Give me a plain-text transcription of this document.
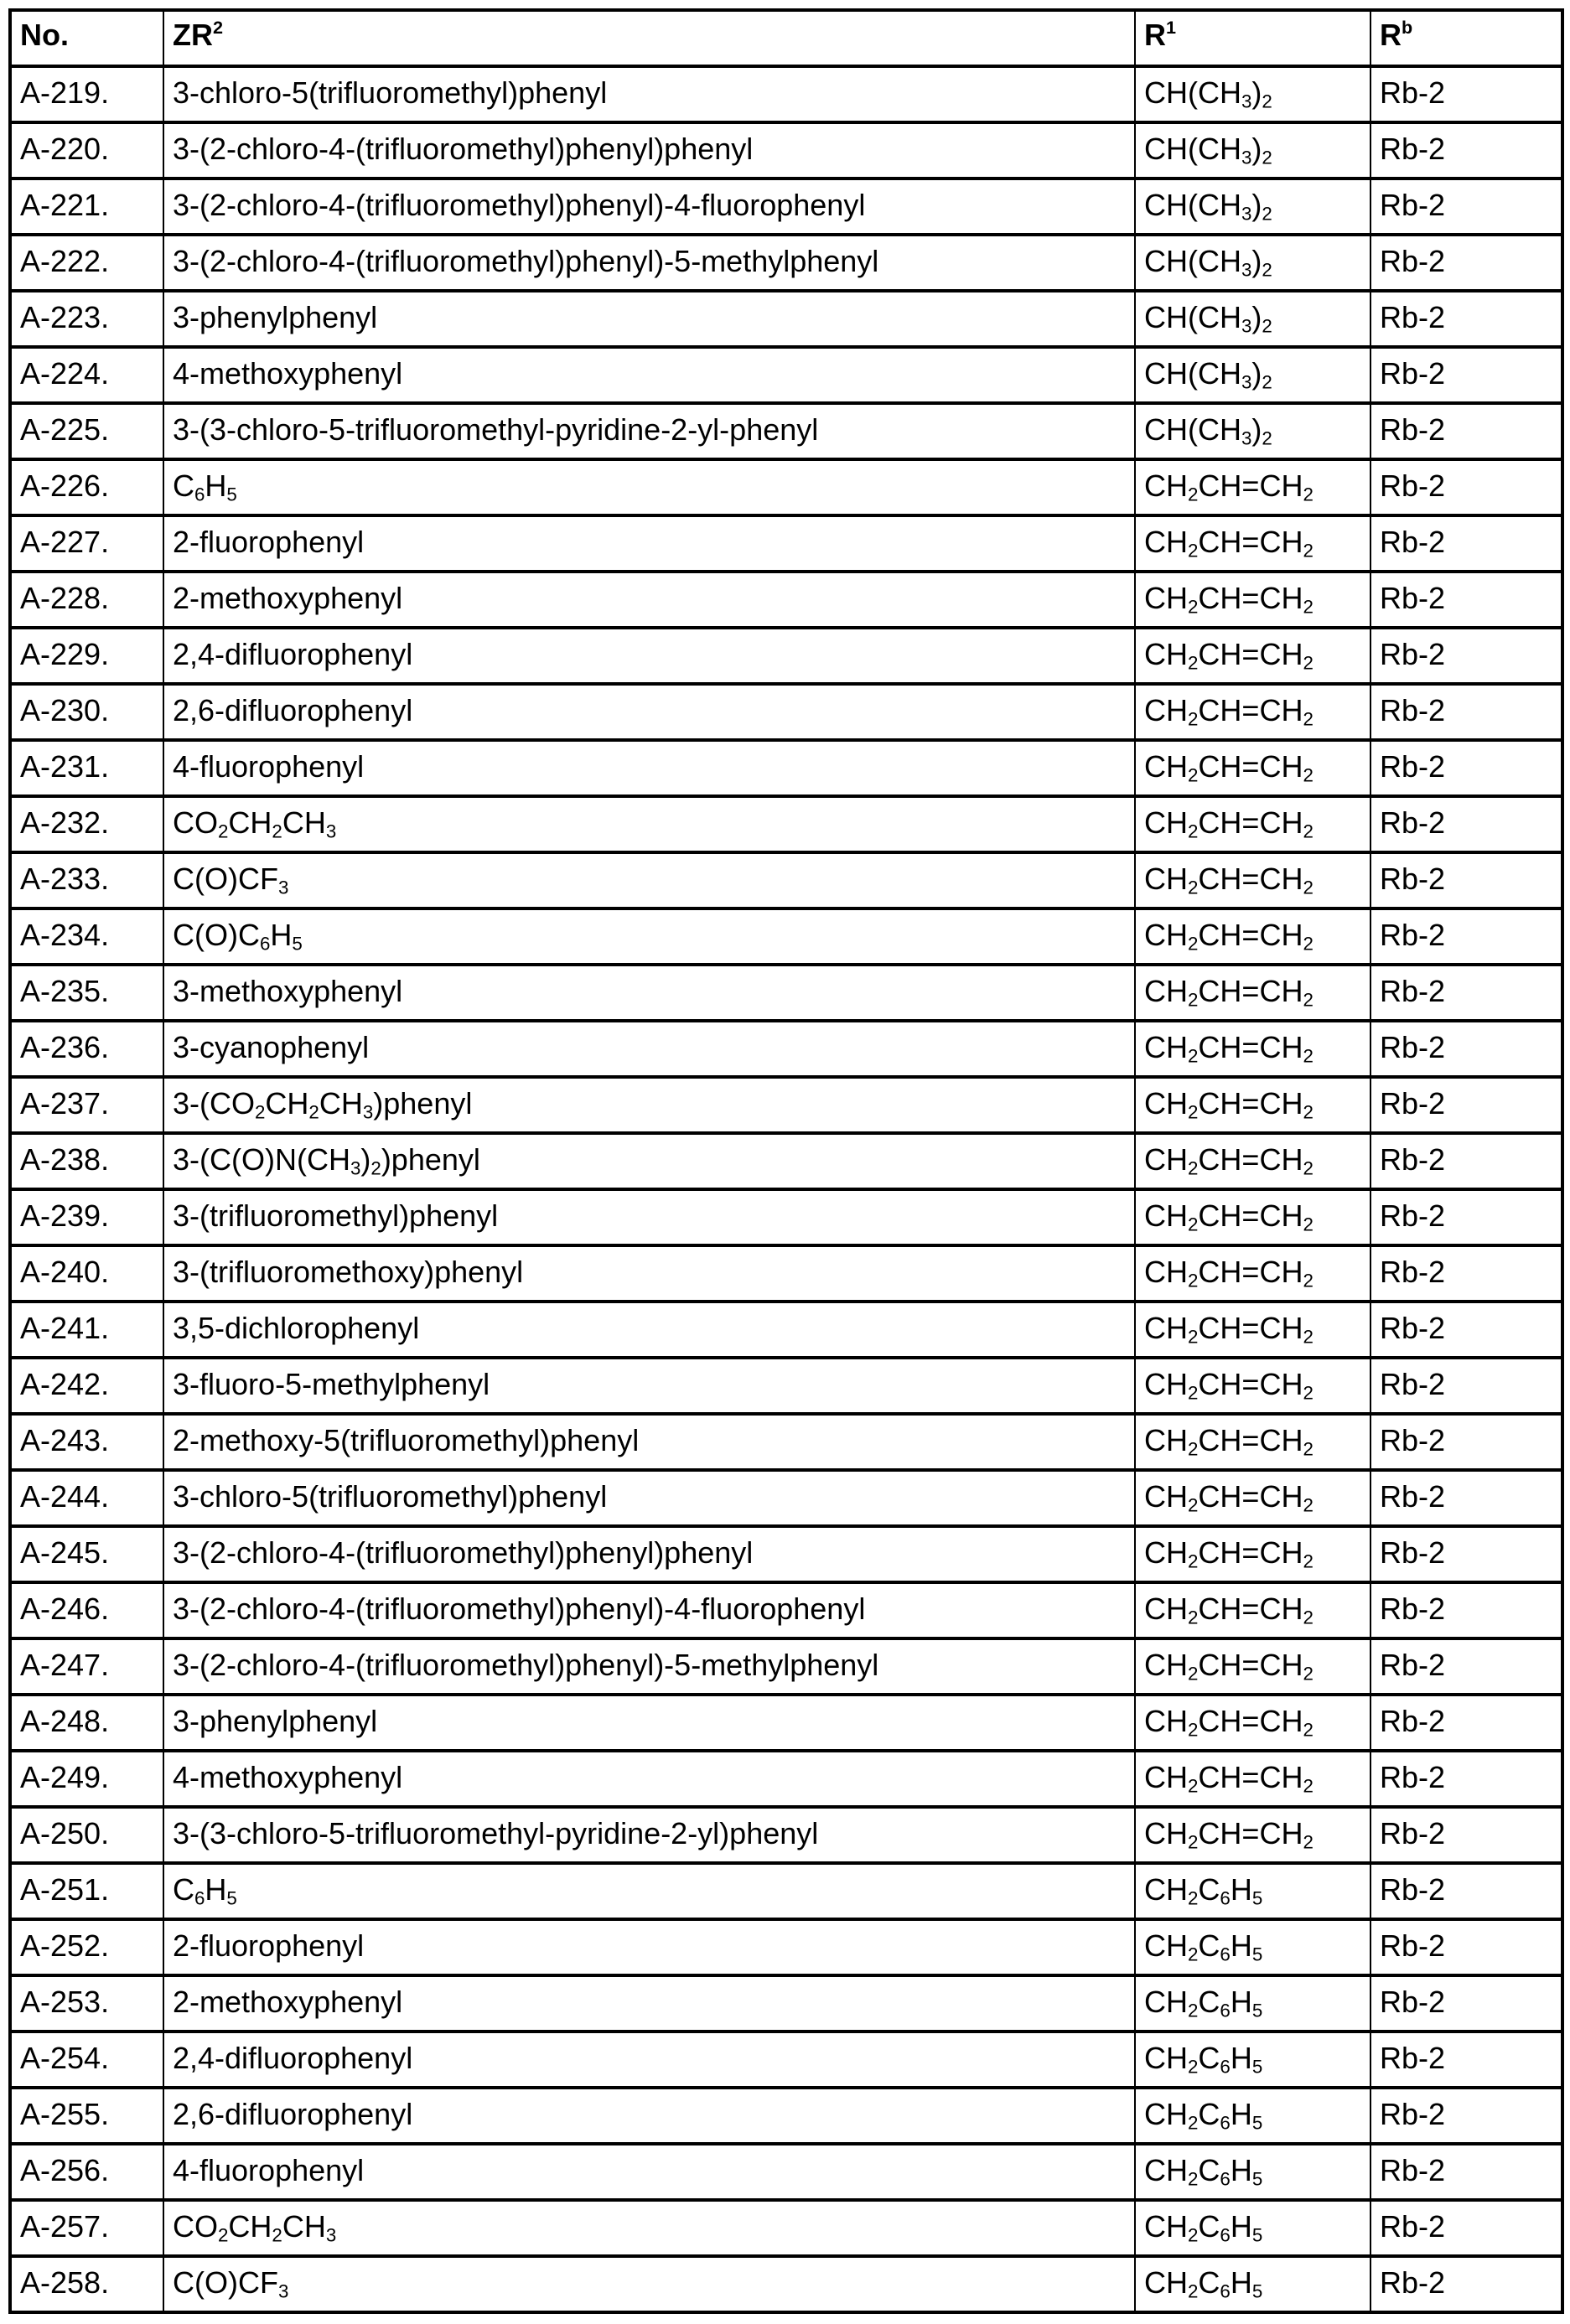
No.	$ZR^2$	$R^1$	$R^b$
A-219.	3-chloro-5(trifluoromethyl)phenyl	$CH(CH_3)_2$	Rb-2
A-220.	3-(2-chloro-4-(trifluoromethyl)phenyl)phenyl	$CH(CH_3)_2$	Rb-2
A-221.	3-(2-chloro-4-(trifluoromethyl)phenyl)-4-fluorophenyl	$CH(CH_3)_2$	Rb-2
A-222.	3-(2-chloro-4-(trifluoromethyl)phenyl)-5-methylphenyl	$CH(CH_3)_2$	Rb-2
A-223.	3-phenylphenyl	$CH(CH_3)_2$	Rb-2
A-224.	4-methoxyphenyl	$CH(CH_3)_2$	Rb-2
A-225.	3-(3-chloro-5-trifluoromethyl-pyridine-2-yl-phenyl	$CH(CH_3)_2$	Rb-2
A-226.	$C_6H_5$	$CH_2CH=CH_2$	Rb-2
A-227.	2-fluorophenyl	$CH_2CH=CH_2$	Rb-2
A-228.	2-methoxyphenyl	$CH_2CH=CH_2$	Rb-2
A-229.	2,4-difluorophenyl	$CH_2CH=CH_2$	Rb-2
A-230.	2,6-difluorophenyl	$CH_2CH=CH_2$	Rb-2
A-231.	4-fluorophenyl	$CH_2CH=CH_2$	Rb-2
A-232.	$CO_2CH_2CH_3$	$CH_2CH=CH_2$	Rb-2
A-233.	$C(O)CF_3$	$CH_2CH=CH_2$	Rb-2
A-234.	$C(O)C_6H_5$	$CH_2CH=CH_2$	Rb-2
A-235.	3-methoxyphenyl	$CH_2CH=CH_2$	Rb-2
A-236.	3-cyanophenyl	$CH_2CH=CH_2$	Rb-2
A-237.	$3-(CO_2CH_2CH_3)phenyl$	$CH_2CH=CH_2$	Rb-2
A-238.	$3-(C(O)N(CH_3)_2)phenyl$	$CH_2CH=CH_2$	Rb-2
A-239.	3-(trifluoromethyl)phenyl	$CH_2CH=CH_2$	Rb-2
A-240.	3-(trifluoromethoxy)phenyl	$CH_2CH=CH_2$	Rb-2
A-241.	3,5-dichlorophenyl	$CH_2CH=CH_2$	Rb-2
A-242.	3-fluoro-5-methylphenyl	$CH_2CH=CH_2$	Rb-2
A-243.	2-methoxy-5(trifluoromethyl)phenyl	$CH_2CH=CH_2$	Rb-2
A-244.	3-chloro-5(trifluoromethyl)phenyl	$CH_2CH=CH_2$	Rb-2
A-245.	3-(2-chloro-4-(trifluoromethyl)phenyl)phenyl	$CH_2CH=CH_2$	Rb-2
A-246.	3-(2-chloro-4-(trifluoromethyl)phenyl)-4-fluorophenyl	$CH_2CH=CH_2$	Rb-2
A-247.	3-(2-chloro-4-(trifluoromethyl)phenyl)-5-methylphenyl	$CH_2CH=CH_2$	Rb-2
A-248.	3-phenylphenyl	$CH_2CH=CH_2$	Rb-2
A-249.	4-methoxyphenyl	$CH_2CH=CH_2$	Rb-2
A-250.	3-(3-chloro-5-trifluoromethyl-pyridine-2-yl)phenyl	$CH_2CH=CH_2$	Rb-2
A-251.	$C_6H_5$	$CH_2C_6H_5$	Rb-2
A-252.	2-fluorophenyl	$CH_2C_6H_5$	Rb-2
A-253.	2-methoxyphenyl	$CH_2C_6H_5$	Rb-2
A-254.	2,4-difluorophenyl	$CH_2C_6H_5$	Rb-2
A-255.	2,6-difluorophenyl	$CH_2C_6H_5$	Rb-2
A-256.	4-fluorophenyl	$CH_2C_6H_5$	Rb-2
A-257.	$CO_2CH_2CH_3$	$CH_2C_6H_5$	Rb-2
A-258.	$C(O)CF_3$	$CH_2C_6H_5$	Rb-2
